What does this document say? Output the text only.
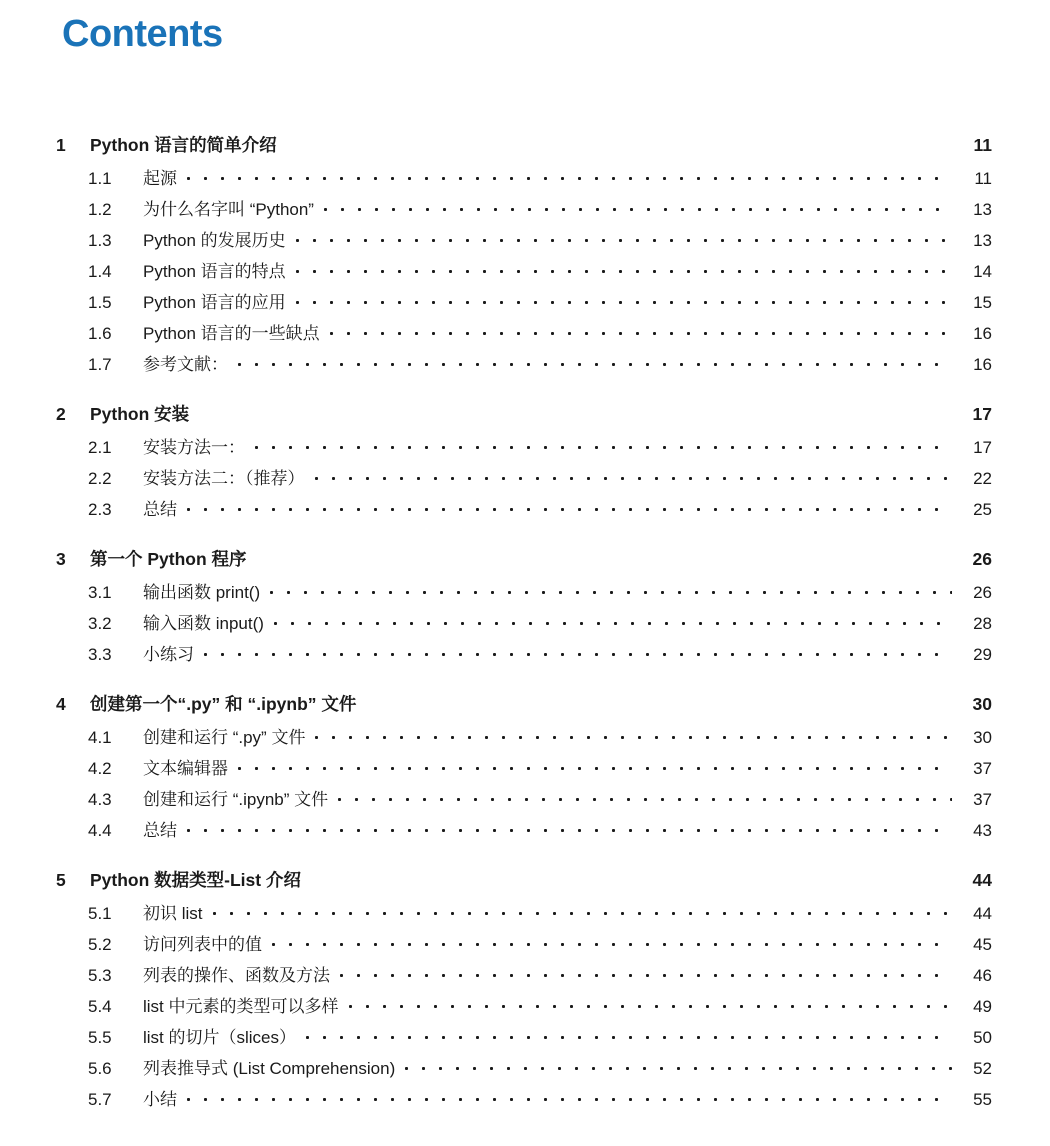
Contents
1	Python 语言的简单介绍	11
1.1	起源	11
1.2	为什么名字叫 “Python”	13
1.3	Python 的发展历史	13
1.4	Python 语言的特点	14
1.5	Python 语言的应用	15
1.6	Python 语言的一些缺点	16
1.7	参考文献：	16
2	Python 安装	17
2.1	安装方法一：	17
2.2	安装方法二：（推荐）	22
2.3	总结	25
3	第一个 Python 程序	26
3.1	输出函数 print()	26
3.2	输入函数 input()	28
3.3	小练习	29
4	创建第一个“.py” 和 “.ipynb” 文件	30
4.1	创建和运行 “.py” 文件	30
4.2	文本编辑器	37
4.3	创建和运行 “.ipynb” 文件	37
4.4	总结	43
5	Python 数据类型-List 介绍	44
5.1	初识 list	44
5.2	访问列表中的值	45
5.3	列表的操作、函数及方法	46
5.4	list 中元素的类型可以多样	49
5.5	list 的切片（slices）	50
5.6	列表推导式 (List Comprehension)	52
5.7	小结	55
